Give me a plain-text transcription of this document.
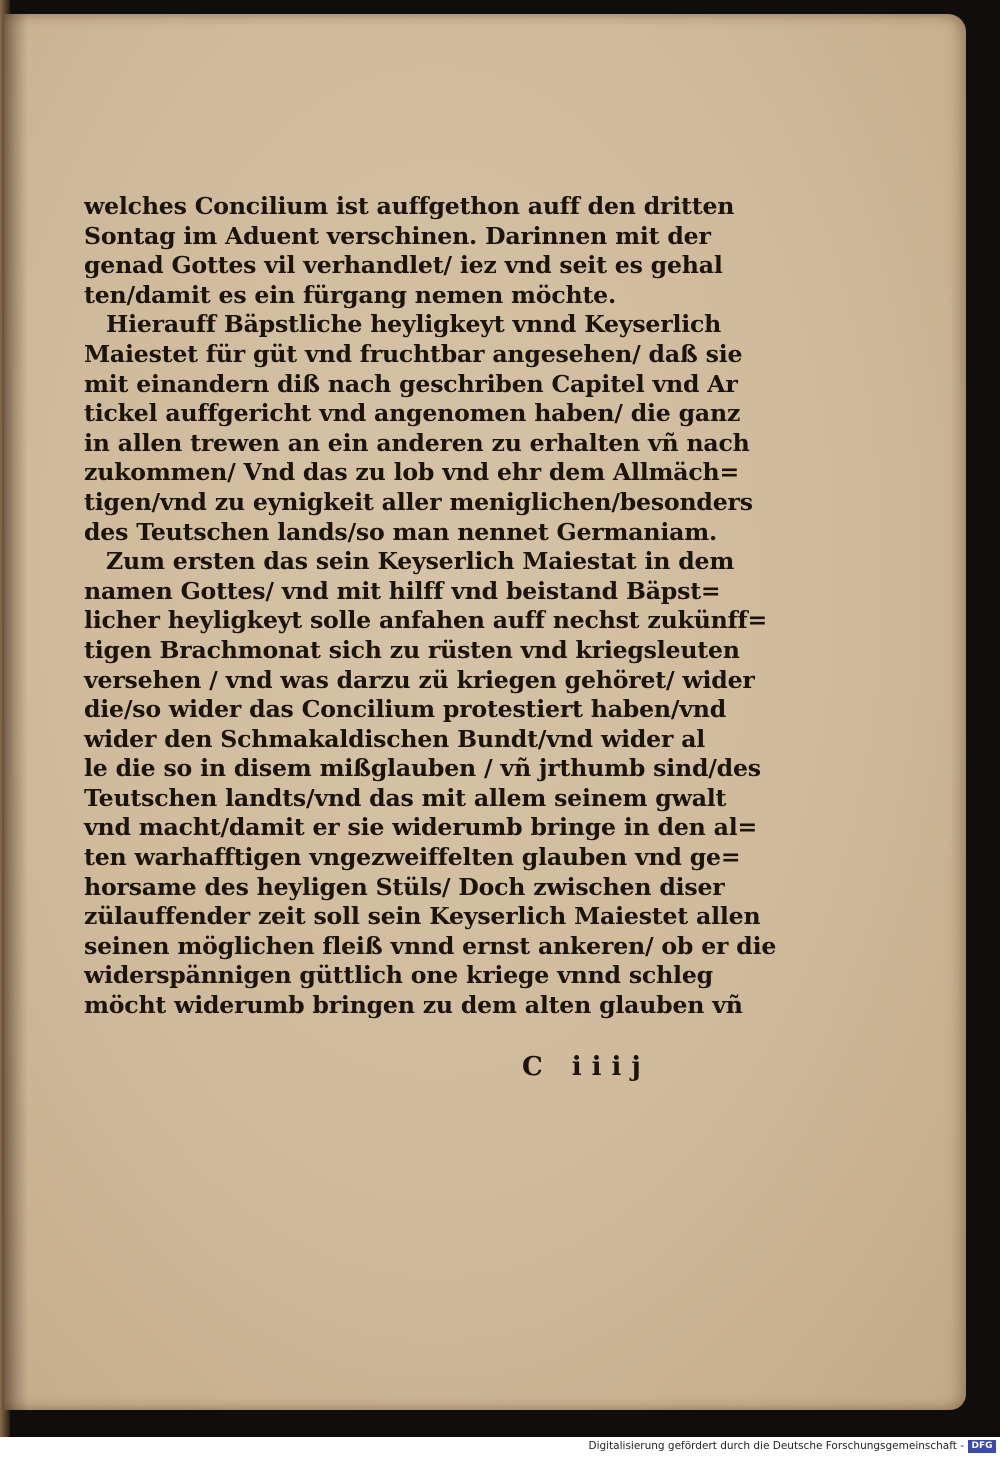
welches Concilium ist auffgethon auff den dritten
Sontag im Aduent verschinen. Darinnen mit der
genad Gottes vil verhandlet/ iez vnd seit es gehal
ten/damit es ein fürgang nemen möchte.
Hierauff Bäpstliche heyligkeyt vnnd Keyserlich
Maiestet für güt vnd fruchtbar angesehen/ daß sie
mit einandern diß nach geschriben Capitel vnd Ar
tickel auffgericht vnd angenomen haben/ die ganz
in allen trewen an ein anderen zu erhalten vñ nach
zukommen/ Vnd das zu lob vnd ehr dem Allmäch=
tigen/vnd zu eynigkeit aller meniglichen/besonders
des Teutschen lands/so man nennet Germaniam.
Zum ersten das sein Keyserlich Maiestat in dem
namen Gottes/ vnd mit hilff vnd beistand Bäpst=
licher heyligkeyt solle anfahen auff nechst zukünff=
tigen Brachmonat sich zu rüsten vnd kriegsleuten
versehen / vnd was darzu zü kriegen gehöret/ wider
die/so wider das Concilium protestiert haben/vnd
wider den Schmakaldischen Bundt/vnd wider al
le die so in disem mißglauben / vñ jrthumb sind/des
Teutschen landts/vnd das mit allem seinem gwalt
vnd macht/damit er sie widerumb bringe in den al=
ten warhafftigen vngezweiffelten glauben vnd ge=
horsame des heyligen Stüls/ Doch zwischen diser
zülauffender zeit soll sein Keyserlich Maiestet allen
seinen möglichen fleiß vnnd ernst ankeren/ ob er die
widerspännigen güttlich one kriege vnnd schleg
möcht widerumb bringen zu dem alten glauben vñ
C iiij
Digitalisierung gefördert durch die Deutsche Forschungsgemeinschaft - DFG
